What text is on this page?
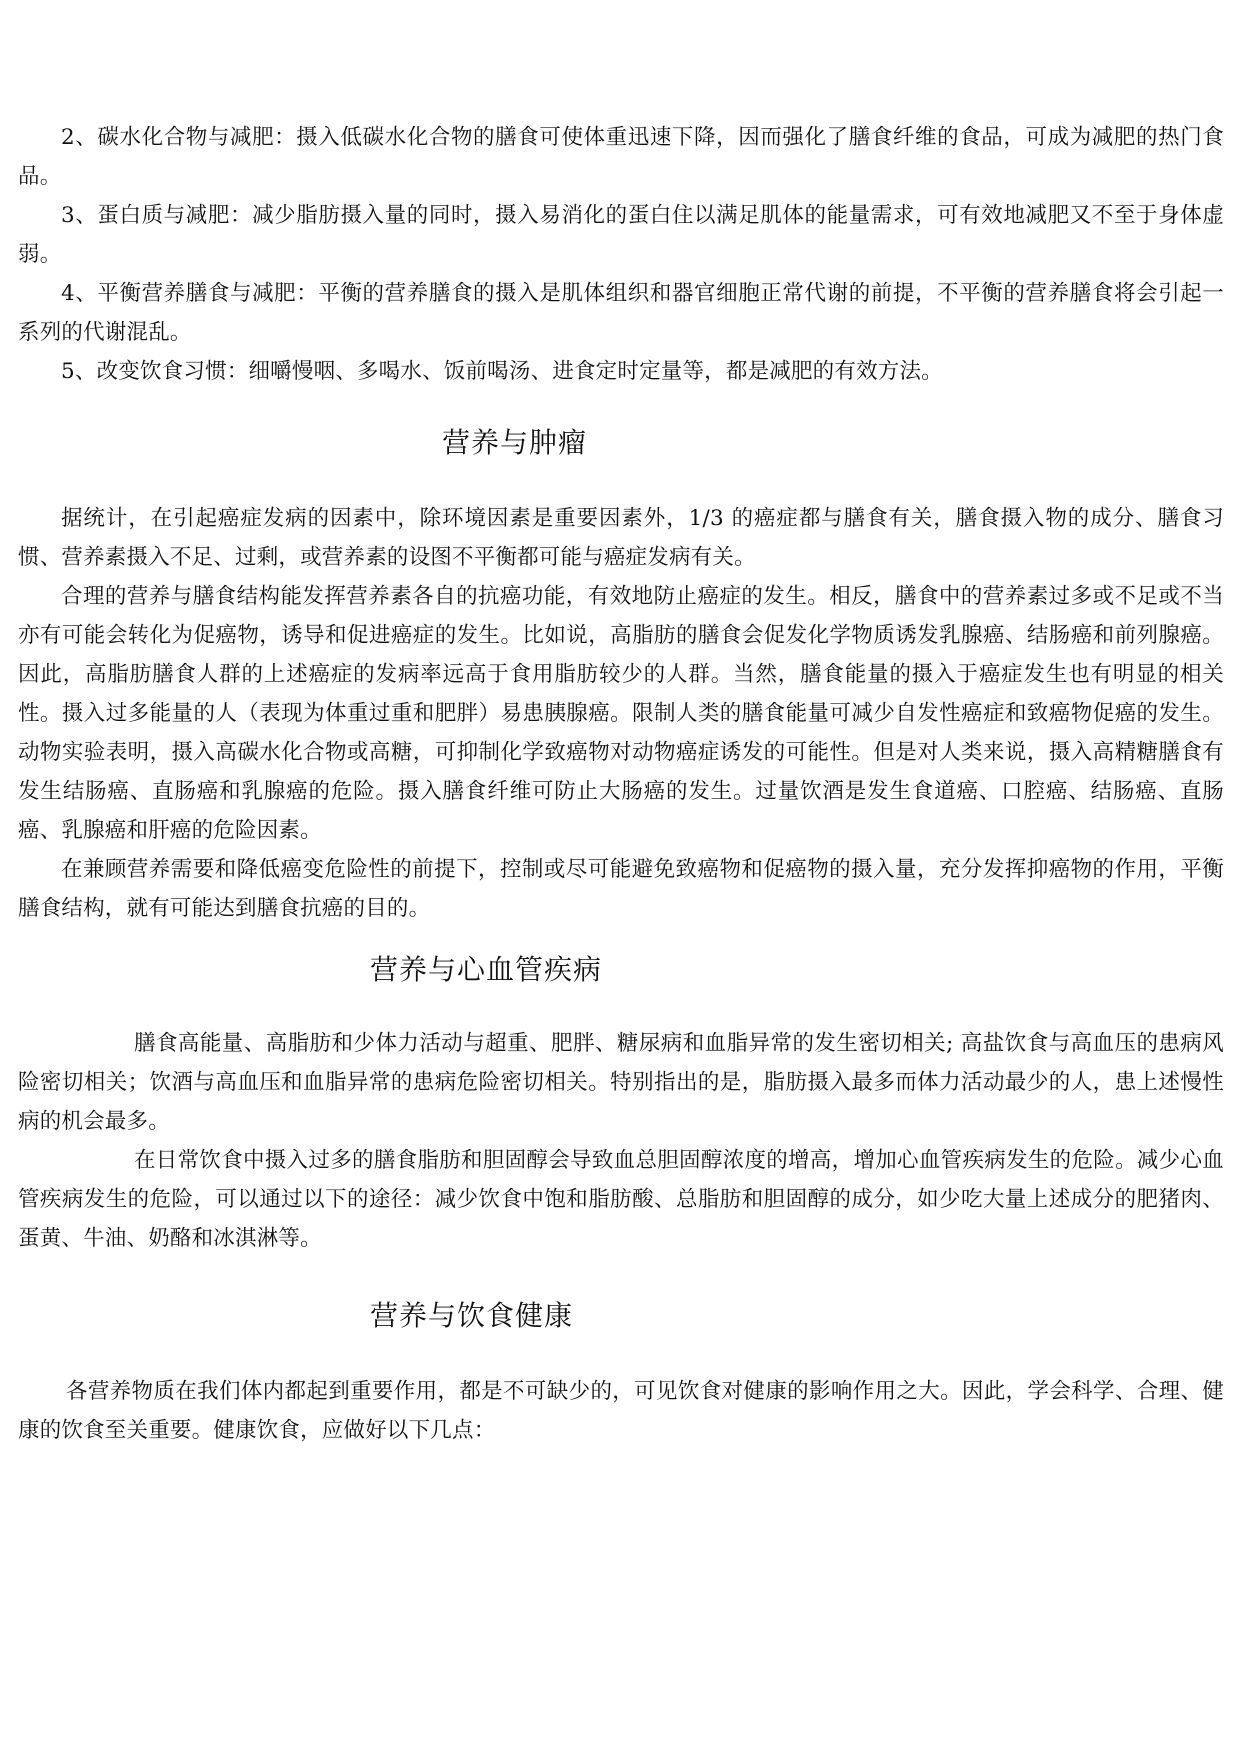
2、碳水化合物与减肥：摄入低碳水化合物的膳食可使体重迅速下降，因而强化了膳食纤维的食品，可成为减肥的热门食品。

3、蛋白质与减肥：减少脂肪摄入量的同时，摄入易消化的蛋白住以满足肌体的能量需求，可有效地减肥又不至于身体虚弱。

4、平衡营养膳食与减肥：平衡的营养膳食的摄入是肌体组织和器官细胞正常代谢的前提，不平衡的营养膳食将会引起一系列的代谢混乱。

5、改变饮食习惯：细嚼慢咽、多喝水、饭前喝汤、进食定时定量等，都是减肥的有效方法。

营养与肿瘤

据统计，在引起癌症发病的因素中，除环境因素是重要因素外，1/3 的癌症都与膳食有关，膳食摄入物的成分、膳食习惯、营养素摄入不足、过剩，或营养素的设图不平衡都可能与癌症发病有关。

合理的营养与膳食结构能发挥营养素各自的抗癌功能，有效地防止癌症的发生。相反，膳食中的营养素过多或不足或不当亦有可能会转化为促癌物，诱导和促进癌症的发生。比如说，高脂肪的膳食会促发化学物质诱发乳腺癌、结肠癌和前列腺癌。因此，高脂肪膳食人群的上述癌症的发病率远高于食用脂肪较少的人群。当然，膳食能量的摄入于癌症发生也有明显的相关性。摄入过多能量的人（表现为体重过重和肥胖）易患胰腺癌。限制人类的膳食能量可减少自发性癌症和致癌物促癌的发生。动物实验表明，摄入高碳水化合物或高糖，可抑制化学致癌物对动物癌症诱发的可能性。但是对人类来说，摄入高精糖膳食有发生结肠癌、直肠癌和乳腺癌的危险。摄入膳食纤维可防止大肠癌的发生。过量饮酒是发生食道癌、口腔癌、结肠癌、直肠癌、乳腺癌和肝癌的危险因素。

在兼顾营养需要和降低癌变危险性的前提下，控制或尽可能避免致癌物和促癌物的摄入量，充分发挥抑癌物的作用，平衡膳食结构，就有可能达到膳食抗癌的目的。

营养与心血管疾病

膳食高能量、高脂肪和少体力活动与超重、肥胖、糖尿病和血脂异常的发生密切相关; 高盐饮食与高血压的患病风险密切相关；饮酒与高血压和血脂异常的患病危险密切相关。特别指出的是，脂肪摄入最多而体力活动最少的人，患上述慢性病的机会最多。

在日常饮食中摄入过多的膳食脂肪和胆固醇会导致血总胆固醇浓度的增高，增加心血管疾病发生的危险。减少心血管疾病发生的危险，可以通过以下的途径：减少饮食中饱和脂肪酸、总脂肪和胆固醇的成分，如少吃大量上述成分的肥猪肉、蛋黄、牛油、奶酪和冰淇淋等。

营养与饮食健康

各营养物质在我们体内都起到重要作用，都是不可缺少的，可见饮食对健康的影响作用之大。因此，学会科学、合理、健康的饮食至关重要。健康饮食，应做好以下几点：
